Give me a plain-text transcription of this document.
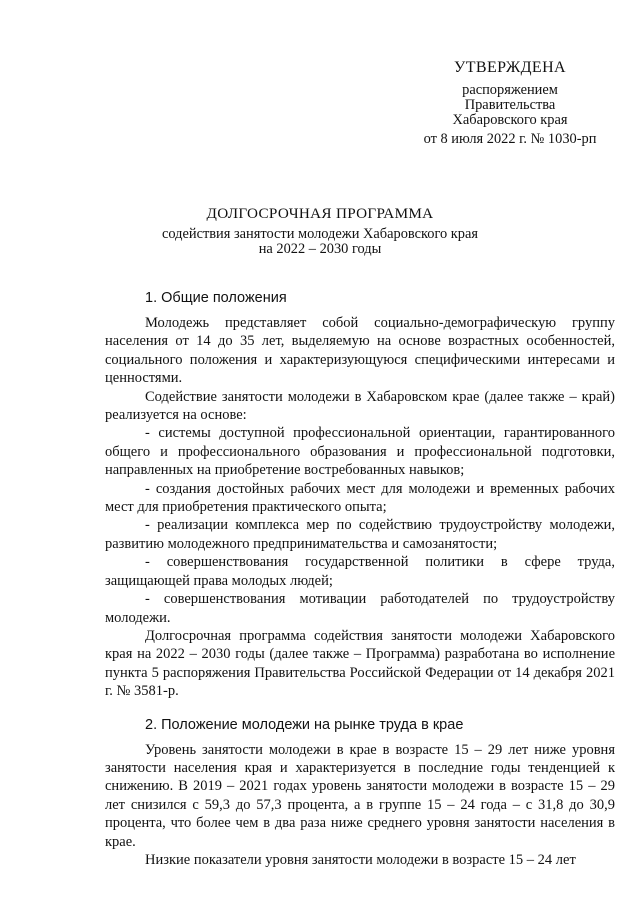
УТВЕРЖДЕНА
распоряжением
Правительства
Хабаровского края
от 8 июля 2022 г. № 1030-рп
ДОЛГОСРОЧНАЯ ПРОГРАММА
содействия занятости молодежи Хабаровского края
на 2022 – 2030 годы
1. Общие положения

Молодежь представляет собой социально-демографическую группу населения от 14 до 35 лет, выделяемую на основе возрастных особенностей, социального положения и характеризующуюся специфическими интересами и ценностями.

Содействие занятости молодежи в Хабаровском крае (далее также – край) реализуется на основе:

- системы доступной профессиональной ориентации, гарантированного общего и профессионального образования и профессиональной подготовки, направленных на приобретение востребованных навыков;

- создания достойных рабочих мест для молодежи и временных рабочих мест для приобретения практического опыта;

- реализации комплекса мер по содействию трудоустройству молодежи, развитию молодежного предпринимательства и самозанятости;

- совершенствования государственной политики в сфере труда, защищающей права молодых людей;

- совершенствования мотивации работодателей по трудоустройству молодежи.

Долгосрочная программа содействия занятости молодежи Хабаровского края на 2022 – 2030 годы (далее также – Программа) разработана во исполнение пункта 5 распоряжения Правительства Российской Федерации от 14 декабря 2021 г. № 3581-р.

2. Положение молодежи на рынке труда в крае

Уровень занятости молодежи в крае в возрасте 15 – 29 лет ниже уровня занятости населения края и характеризуется в последние годы тенденцией к снижению. В 2019 – 2021 годах уровень занятости молодежи в возрасте 15 – 29 лет снизился с 59,3 до 57,3 процента, а в группе 15 – 24 года – с 31,8 до 30,9 процента, что более чем в два раза ниже среднего уровня занятости населения в крае.

Низкие показатели уровня занятости молодежи в возрасте 15 – 24 лет
